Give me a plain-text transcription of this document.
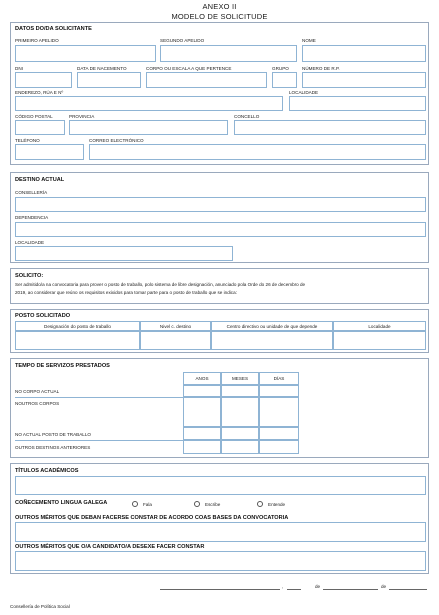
ANEXO II
MODELO DE SOLICITUDE
DATOS DO/DA SOLICITANTE
PRIMEIRO APELIDO	SEGUNDO APELIDO	NOME
DNI	DATA DE NACEMENTO	CORPO OU ESCALA A QUE PERTENCE	GRUPO	NÚMERO DE R.P.
ENDEREZO, RÚA E Nº	LOCALIDADE
CÓDIGO POSTAL	PROVINCIA	CONCELLO
TELÉFONO	CORREO ELECTRÓNICO
DESTINO ACTUAL
CONSELLERÍA
DEPENDENCIA
LOCALIDADE
SOLICITO:
Ser admitido/a na convocatoria para prover o posto de traballo, polo sistema de libre designación, anunciado pola Orde do 26 de decembro de
2019, ao considerar que reúno os requisitos exixidos para tomar parte para o posto de traballo que se indica:
POSTO SOLICITADO
Designación do posto de traballo	Nivel c. destino	Centro directivo ou unidade de que depende	Localidade
TEMPO DE SERVIZOS PRESTADOS
ANOS	MESES	DÍAS
NO CORPO ACTUAL
NOUTROS CORPOS
NO ACTUAL POSTO DE TRABALLO
OUTROS DESTINOS ANTERIORES
TÍTULOS ACADÉMICOS
COÑECEMENTO LINGUA GALEGA	Fala	Escribe	Entende
OUTROS MÉRITOS QUE DEBAN FACERSE CONSTAR DE ACORDO COAS BASES DA CONVOCATORIA
OUTROS MÉRITOS QUE O/A CANDIDATO/A DESEXE FACER CONSTAR
,	de	de
Consellería de Política Social
